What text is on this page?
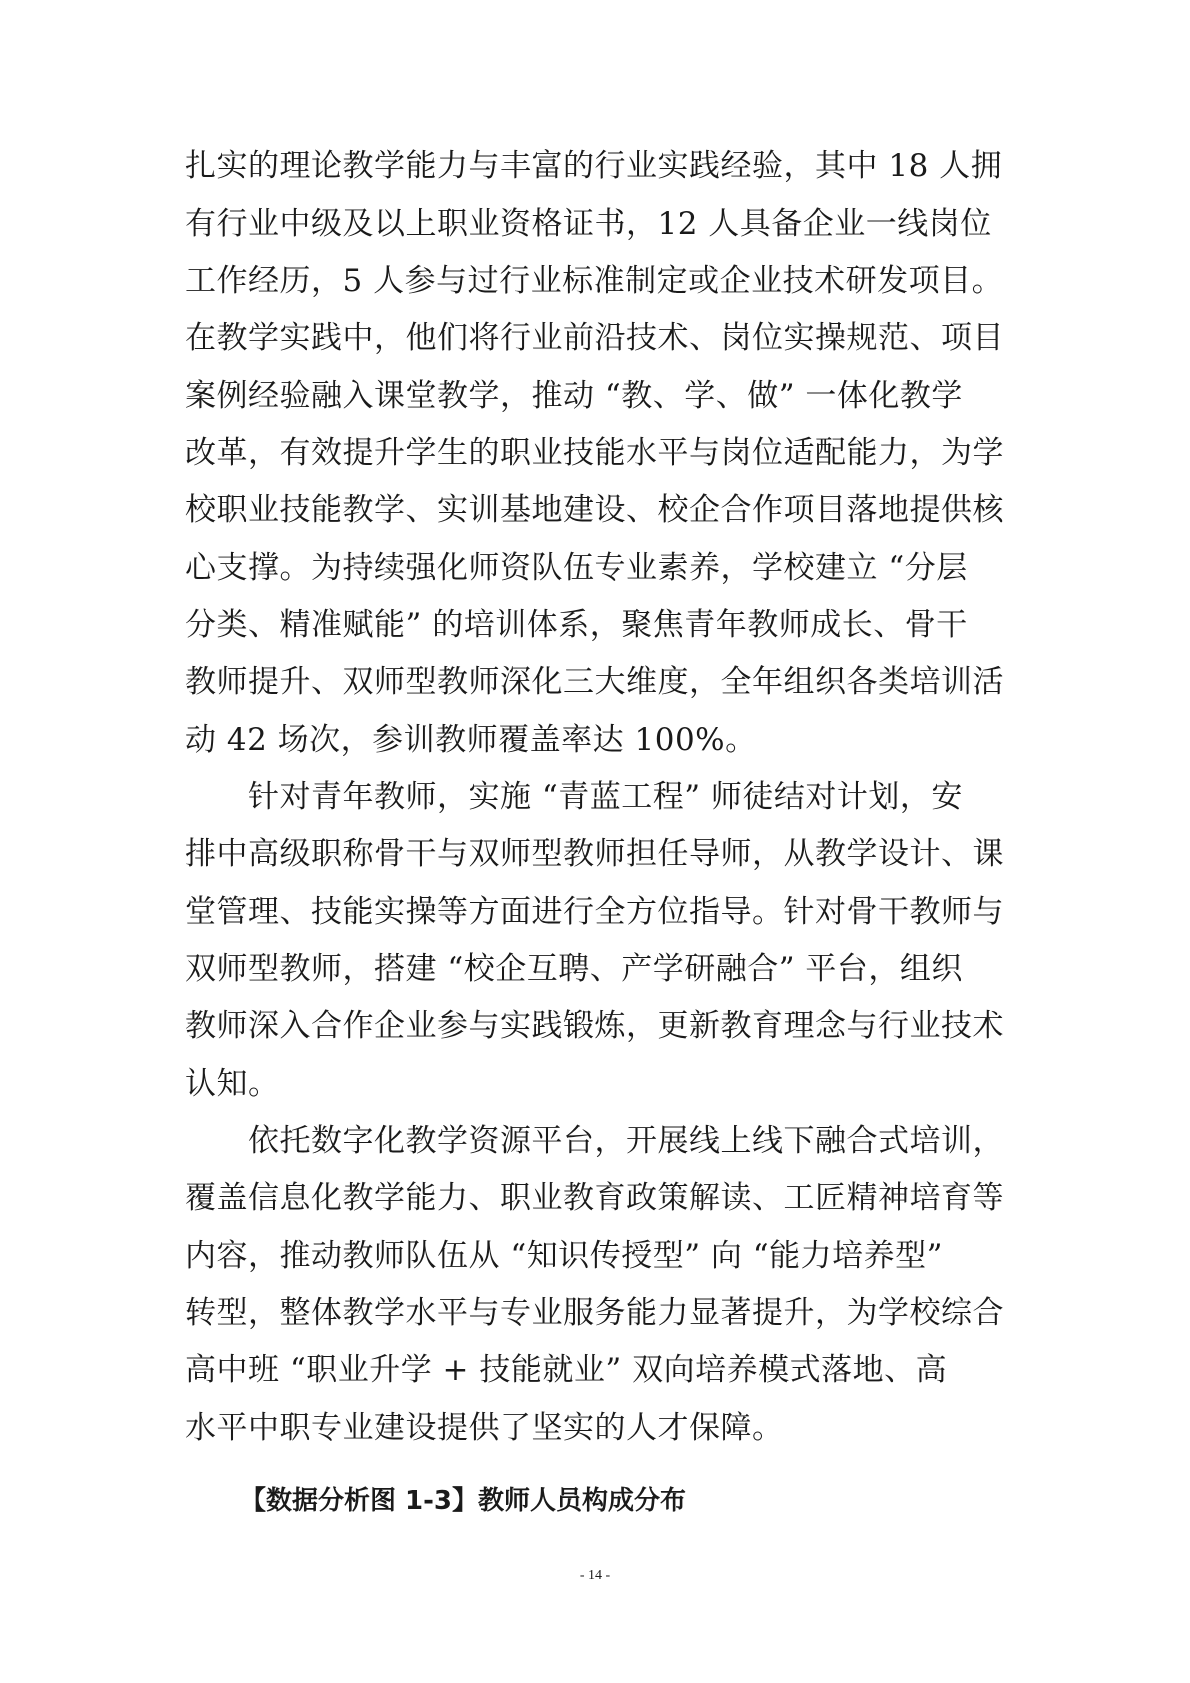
扎实的理论教学能力与丰富的行业实践经验，其中 18 人拥
有行业中级及以上职业资格证书，12 人具备企业一线岗位
工作经历，5 人参与过行业标准制定或企业技术研发项目。
在教学实践中，他们将行业前沿技术、岗位实操规范、项目
案例经验融入课堂教学，推动 “教、学、做” 一体化教学
改革，有效提升学生的职业技能水平与岗位适配能力，为学
校职业技能教学、实训基地建设、校企合作项目落地提供核
心支撑。为持续强化师资队伍专业素养，学校建立 “分层
分类、精准赋能” 的培训体系，聚焦青年教师成长、骨干
教师提升、双师型教师深化三大维度，全年组织各类培训活
动 42 场次，参训教师覆盖率达 100%。
　　针对青年教师，实施 “青蓝工程” 师徒结对计划，安
排中高级职称骨干与双师型教师担任导师，从教学设计、课
堂管理、技能实操等方面进行全方位指导。针对骨干教师与
双师型教师，搭建 “校企互聘、产学研融合” 平台，组织
教师深入合作企业参与实践锻炼，更新教育理念与行业技术
认知。
　　依托数字化教学资源平台，开展线上线下融合式培训，
覆盖信息化教学能力、职业教育政策解读、工匠精神培育等
内容，推动教师队伍从 “知识传授型” 向 “能力培养型”
转型，整体教学水平与专业服务能力显著提升，为学校综合
高中班 “职业升学 + 技能就业” 双向培养模式落地、高
水平中职专业建设提供了坚实的人才保障。
【数据分析图 1-3】教师人员构成分布
- 14 -
